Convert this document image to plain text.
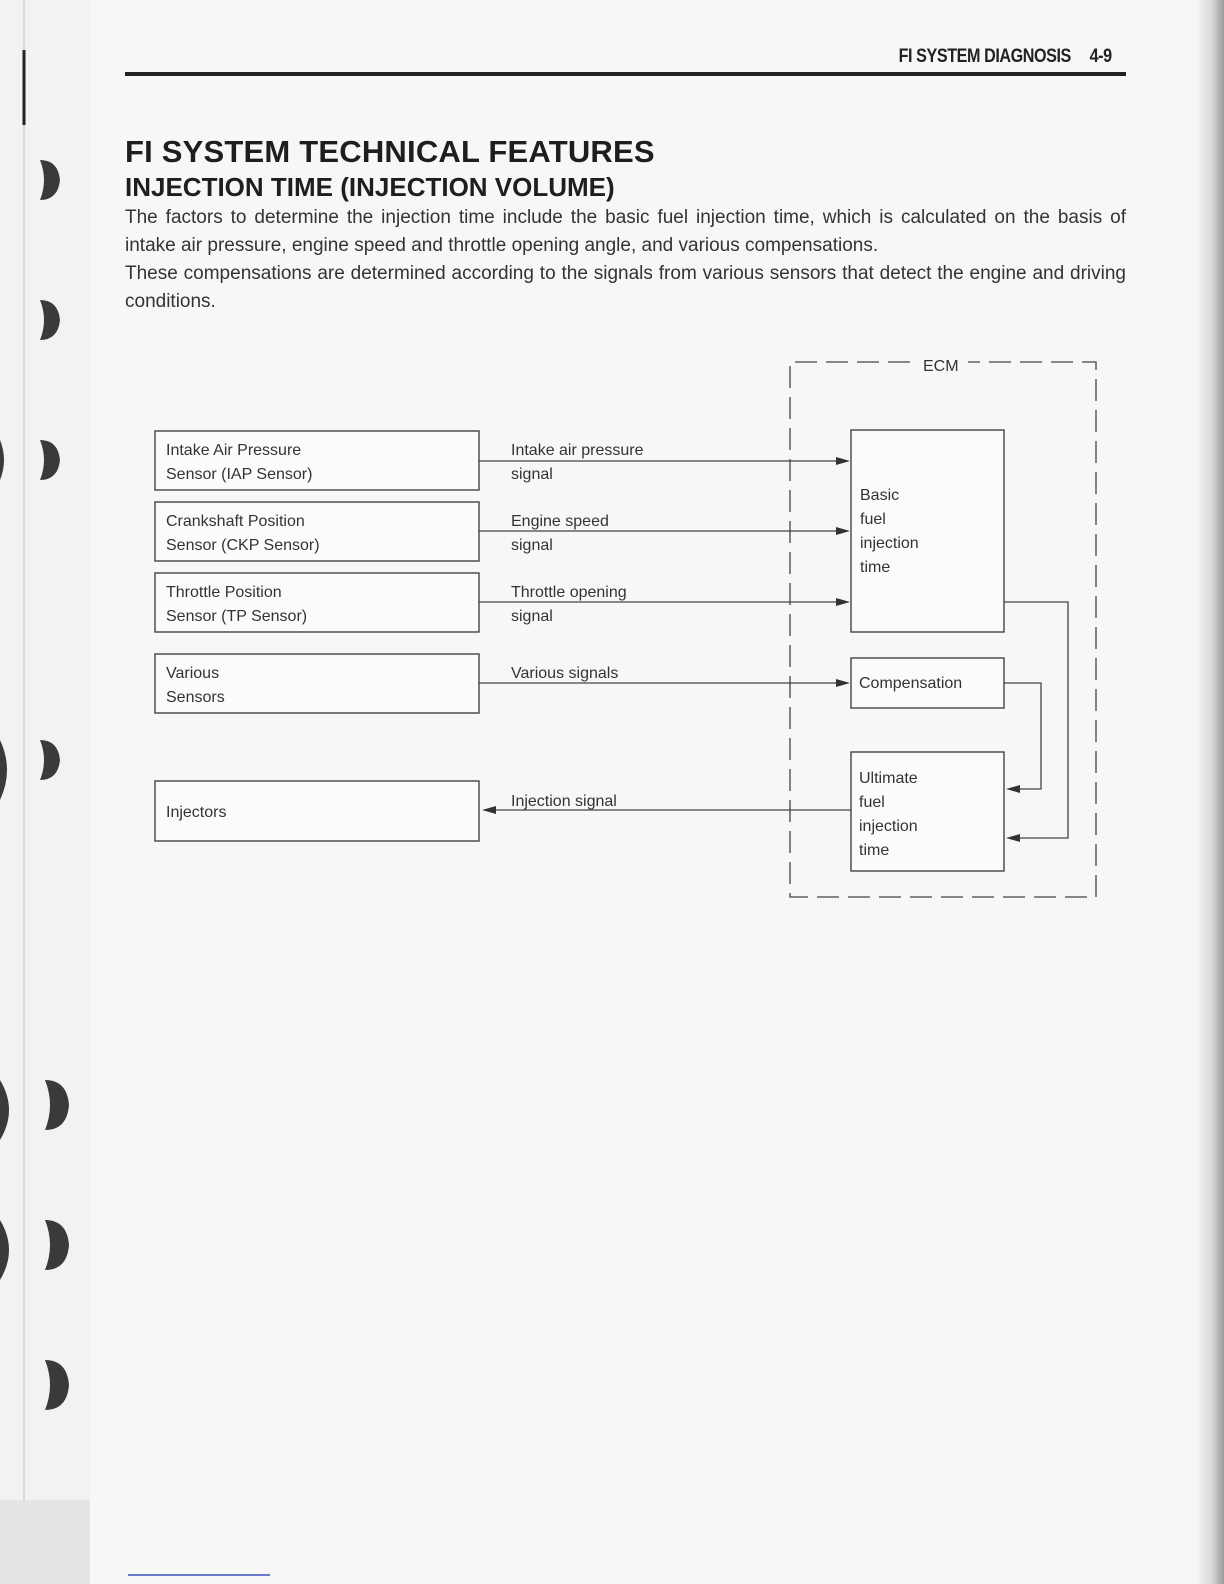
FI SYSTEM DIAGNOSIS 4-9
FI SYSTEM TECHNICAL FEATURES
INJECTION TIME (INJECTION VOLUME)

The factors to determine the injection time include the basic fuel injection time, which is calculated on the basis of intake air pressure, engine speed and throttle opening angle, and various compensations.

These compensations are determined according to the signals from various sensors that detect the engine and driving conditions.

ECM
Intake Air Pressure
Sensor (IAP Sensor)
Crankshaft Position
Sensor (CKP Sensor)
Throttle Position
Sensor (TP Sensor)
Various
Sensors
Injectors
Basic
fuel
injection
time
Compensation
Ultimate
fuel
injection
time
Intake air pressure
signal
Engine speed
signal
Throttle opening
signal
Various signals
Injection signal
